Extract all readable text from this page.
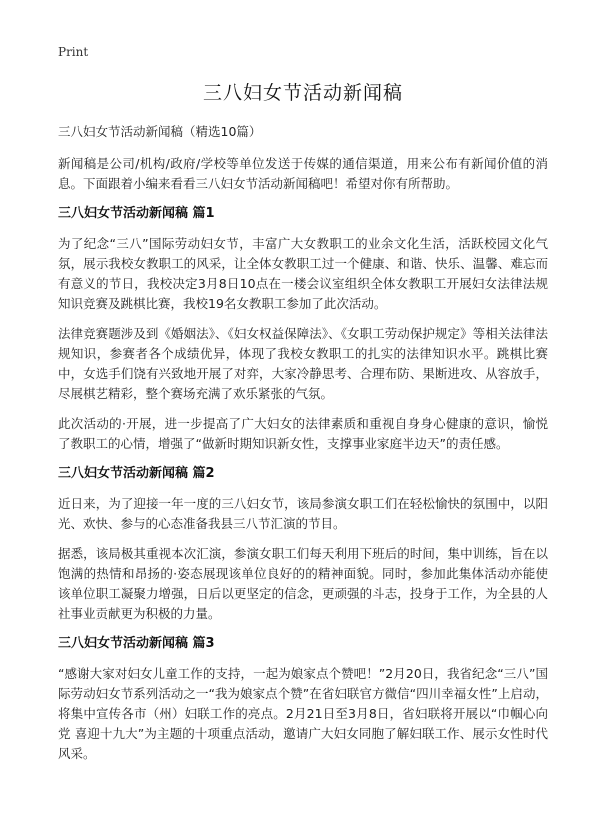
Print
三八妇女节活动新闻稿
三八妇女节活动新闻稿（精选10篇）

新闻稿是公司/机构/政府/学校等单位发送于传媒的通信渠道，用来公布有新闻价值的消息。下面跟着小编来看看三八妇女节活动新闻稿吧！希望对你有所帮助。

三八妇女节活动新闻稿 篇1

为了纪念“三八”国际劳动妇女节，丰富广大女教职工的业余文化生活，活跃校园文化气氛，展示我校女教职工的风采，让全体女教职工过一个健康、和谐、快乐、温馨、难忘而有意义的节日，我校决定3月8日10点在一楼会议室组织全体女教职工开展妇女法律法规知识竞赛及跳棋比赛，我校19名女教职工参加了此次活动。

法律竞赛题涉及到《婚姻法》、《妇女权益保障法》、《女职工劳动保护规定》等相关法律法规知识，参赛者各个成绩优异，体现了我校女教职工的扎实的法律知识水平。跳棋比赛中，女选手们饶有兴致地开展了对弈，大家冷静思考、合理布防、果断进攻、从容放手，尽展棋艺精彩，整个赛场充满了欢乐紧张的气氛。

此次活动的·开展，进一步提高了广大妇女的法律素质和重视自身身心健康的意识，愉悦了教职工的心情，增强了“做新时期知识新女性，支撑事业家庭半边天”的责任感。

三八妇女节活动新闻稿 篇2

近日来，为了迎接一年一度的三八妇女节，该局参演女职工们在轻松愉快的氛围中，以阳光、欢快、参与的心态准备我县三八节汇演的节目。

据悉，该局极其重视本次汇演，参演女职工们每天利用下班后的时间，集中训练，旨在以饱满的热情和昂扬的·姿态展现该单位良好的的精神面貌。同时，参加此集体活动亦能使该单位职工凝聚力增强，日后以更坚定的信念，更顽强的斗志，投身于工作，为全县的人社事业贡献更为积极的力量。

三八妇女节活动新闻稿 篇3

“感谢大家对妇女儿童工作的支持，一起为娘家点个赞吧！”2月20日，我省纪念“三八”国际劳动妇女节系列活动之一“我为娘家点个赞”在省妇联官方微信“四川幸福女性”上启动，将集中宣传各市（州）妇联工作的亮点。2月21日至3月8日，省妇联将开展以“巾帼心向党 喜迎十九大”为主题的十项重点活动，邀请广大妇女同胞了解妇联工作、展示女性时代风采。
